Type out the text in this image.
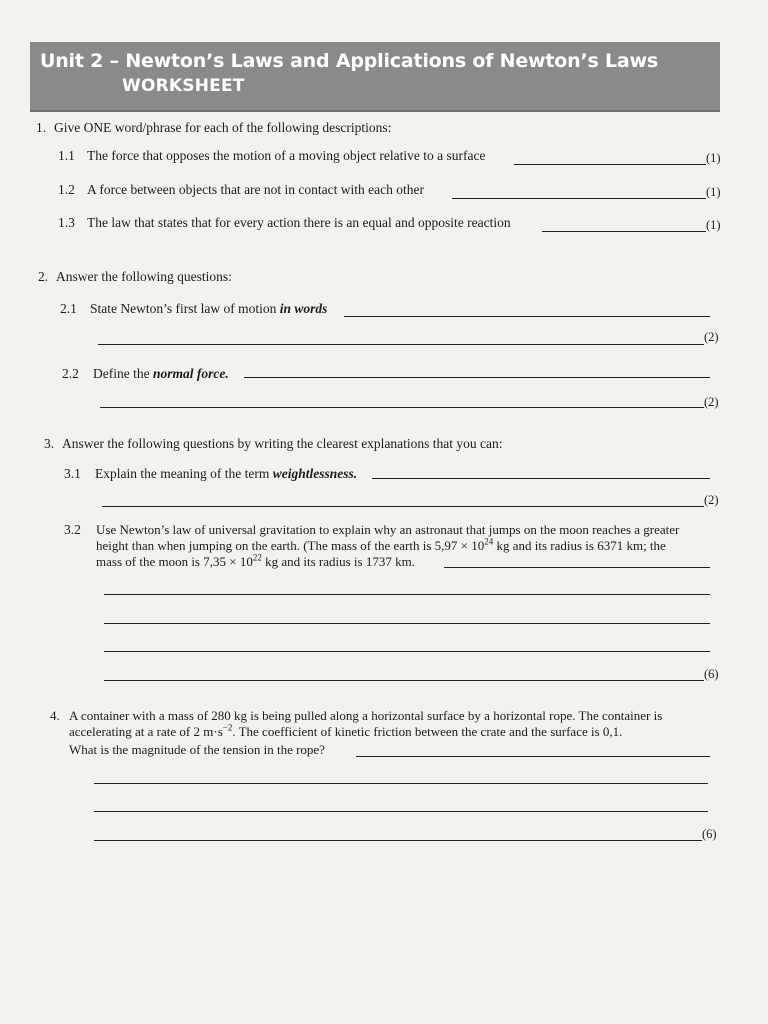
Unit 2 – Newton’s Laws and Applications of Newton’s Laws
WORKSHEET
1. Give ONE word/phrase for each of the following descriptions:
1.1 The force that opposes the motion of a moving object relative to a surface	(1)
1.2 A force between objects that are not in contact with each other	(1)
1.3 The law that states that for every action there is an equal and opposite reaction	(1)
2. Answer the following questions:
2.1 State Newton’s first law of motion in words
(2)
2.2 Define the normal force.
(2)
3. Answer the following questions by writing the clearest explanations that you can:
3.1 Explain the meaning of the term weightlessness.
(2)
3.2 Use Newton’s law of universal gravitation to explain why an astronaut that jumps on the moon reaches a greater
height than when jumping on the earth. (The mass of the earth is $5,97 \times 10^{24}$ kg and its radius is 6371 km; the
mass of the moon is $7,35 \times 10^{22}$ kg and its radius is 1737 km.
(6)
4. A container with a mass of 280 kg is being pulled along a horizontal surface by a horizontal rope. The container is
accelerating at a rate of 2 $m\cdot s^{-2}$. The coefficient of kinetic friction between the crate and the surface is 0,1.
What is the magnitude of the tension in the rope?
(6)
